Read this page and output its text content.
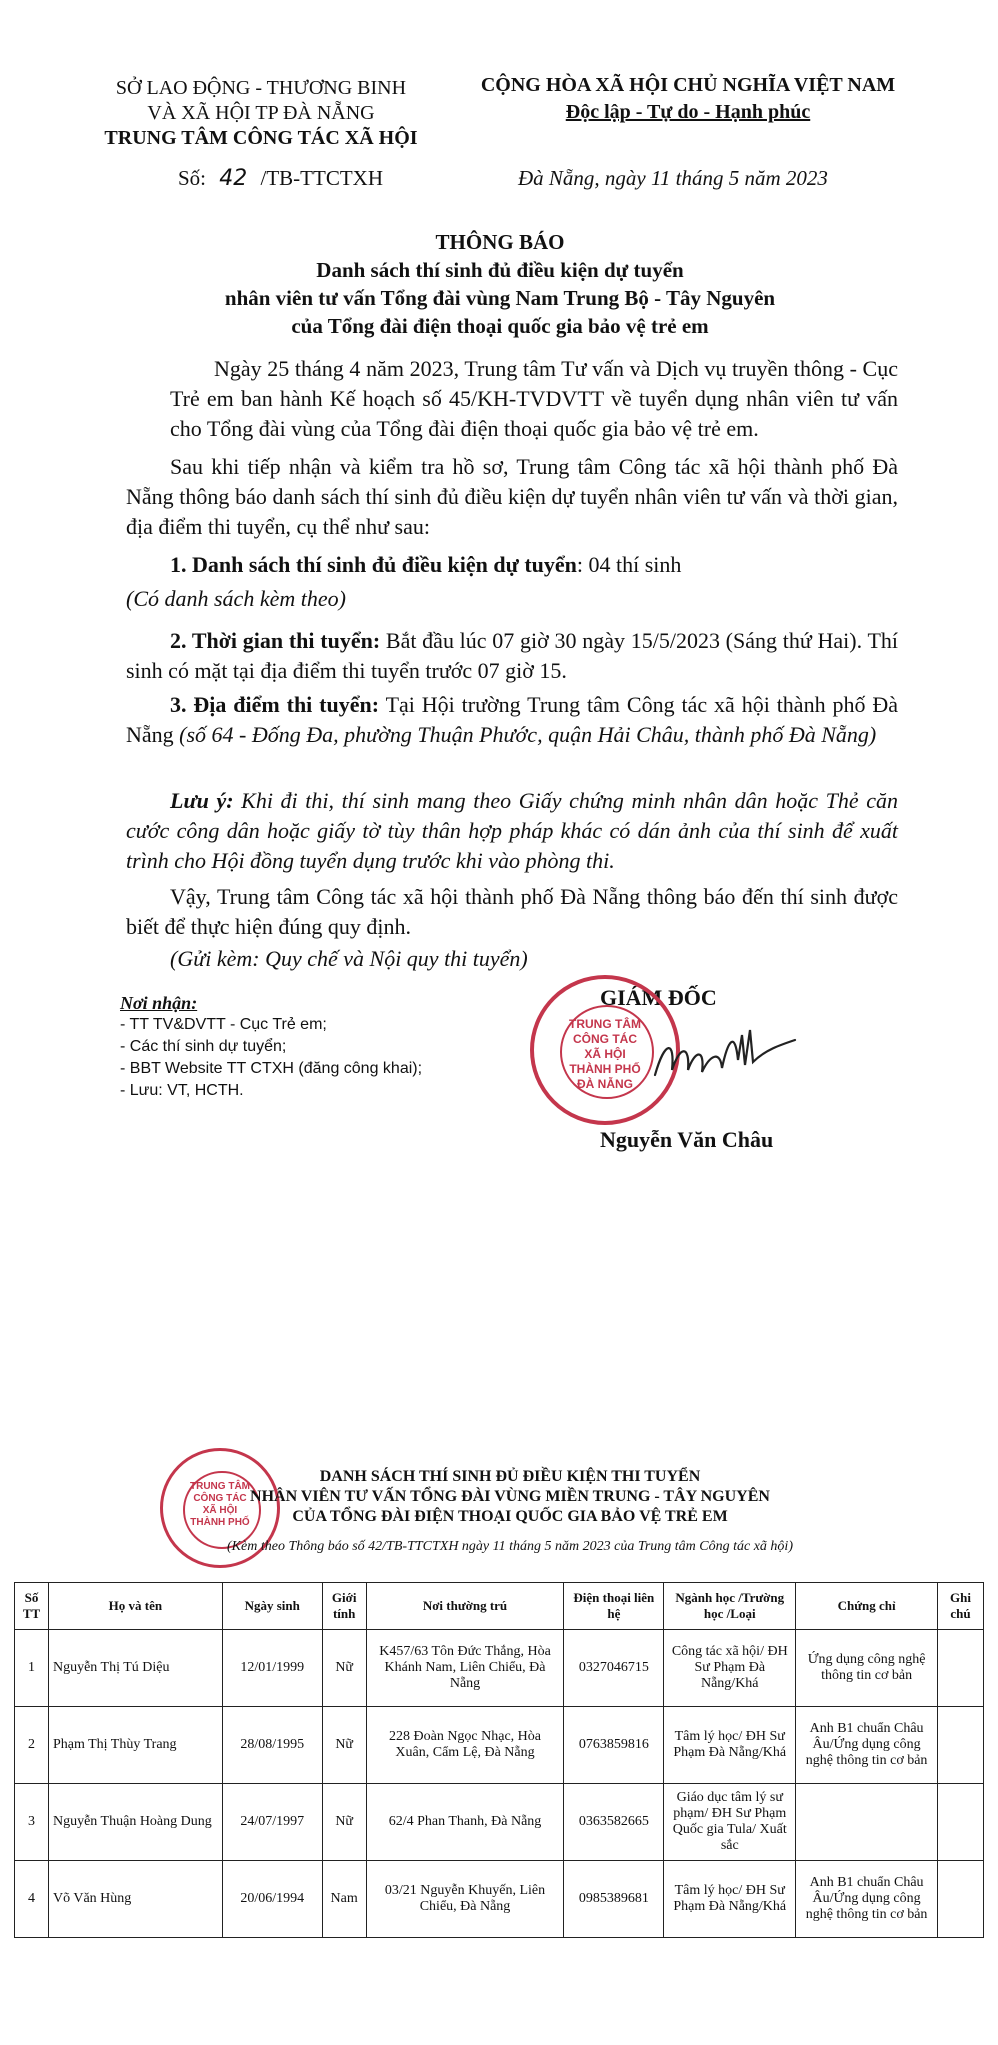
SỞ LAO ĐỘNG - THƯƠNG BINH
VÀ XÃ HỘI TP ĐÀ NẴNG
TRUNG TÂM CÔNG TÁC XÃ HỘI
CỘNG HÒA XÃ HỘI CHỦ NGHĨA VIỆT NAM
Độc lập - Tự do - Hạnh phúc
Số: 42 /TB-TTCTXH	Đà Nẵng, ngày 11 tháng 5 năm 2023
THÔNG BÁO
Danh sách thí sinh đủ điều kiện dự tuyển
nhân viên tư vấn Tổng đài vùng Nam Trung Bộ - Tây Nguyên
của Tổng đài điện thoại quốc gia bảo vệ trẻ em
Ngày 25 tháng 4 năm 2023, Trung tâm Tư vấn và Dịch vụ truyền thông - Cục Trẻ em ban hành Kế hoạch số 45/KH-TVDVTT về tuyển dụng nhân viên tư vấn cho Tổng đài vùng của Tổng đài điện thoại quốc gia bảo vệ trẻ em.
Sau khi tiếp nhận và kiểm tra hồ sơ, Trung tâm Công tác xã hội thành phố Đà Nẵng thông báo danh sách thí sinh đủ điều kiện dự tuyển nhân viên tư vấn và thời gian, địa điểm thi tuyển, cụ thể như sau:
1. Danh sách thí sinh đủ điều kiện dự tuyển: 04 thí sinh
(Có danh sách kèm theo)
2. Thời gian thi tuyển: Bắt đầu lúc 07 giờ 30 ngày 15/5/2023 (Sáng thứ Hai). Thí sinh có mặt tại địa điểm thi tuyển trước 07 giờ 15.
3. Địa điểm thi tuyển: Tại Hội trường Trung tâm Công tác xã hội thành phố Đà Nẵng (số 64 - Đống Đa, phường Thuận Phước, quận Hải Châu, thành phố Đà Nẵng)
Lưu ý: Khi đi thi, thí sinh mang theo Giấy chứng minh nhân dân hoặc Thẻ căn cước công dân hoặc giấy tờ tùy thân hợp pháp khác có dán ảnh của thí sinh để xuất trình cho Hội đồng tuyển dụng trước khi vào phòng thi.
Vậy, Trung tâm Công tác xã hội thành phố Đà Nẵng thông báo đến thí sinh được biết để thực hiện đúng quy định.
(Gửi kèm: Quy chế và Nội quy thi tuyển)
Nơi nhận:
- TT TV&DVTT - Cục Trẻ em;
- Các thí sinh dự tuyển;
- BBT Website TT CTXH (đăng công khai);
- Lưu: VT, HCTH.
GIÁM ĐỐC
TRUNG TÂM
CÔNG TÁC
XÃ HỘI
THÀNH PHỐ
ĐÀ NẴNG
Nguyễn Văn Châu
TRUNG TÂM
CÔNG TÁC
XÃ HỘI
THÀNH PHỐ
DANH SÁCH THÍ SINH ĐỦ ĐIỀU KIỆN THI TUYỂN
NHÂN VIÊN TƯ VẤN TỔNG ĐÀI VÙNG MIỀN TRUNG - TÂY NGUYÊN
CỦA TỔNG ĐÀI ĐIỆN THOẠI QUỐC GIA BẢO VỆ TRẺ EM
(Kèm theo Thông báo số 42/TB-TTCTXH ngày 11 tháng 5 năm 2023 của Trung tâm Công tác xã hội)
Số TT	Họ và tên	Ngày sinh	Giới tính	Nơi thường trú	Điện thoại liên hệ	Ngành học /Trường học /Loại	Chứng chỉ	Ghi chú
1	Nguyễn Thị Tú Diệu	12/01/1999	Nữ	K457/63 Tôn Đức Thắng, Hòa Khánh Nam, Liên Chiểu, Đà Nẵng	0327046715	Công tác xã hội/ ĐH Sư Phạm Đà Nẵng/Khá	Ứng dụng công nghệ thông tin cơ bản	
2	Phạm Thị Thùy Trang	28/08/1995	Nữ	228 Đoàn Ngọc Nhạc, Hòa Xuân, Cẩm Lệ, Đà Nẵng	0763859816	Tâm lý học/ ĐH Sư Phạm Đà Nẵng/Khá	Anh B1 chuẩn Châu Âu/Ứng dụng công nghệ thông tin cơ bản	
3	Nguyễn Thuận Hoàng Dung	24/07/1997	Nữ	62/4 Phan Thanh, Đà Nẵng	0363582665	Giáo dục tâm lý sư phạm/ ĐH Sư Phạm Quốc gia Tula/ Xuất sắc		
4	Võ Văn Hùng	20/06/1994	Nam	03/21 Nguyễn Khuyến, Liên Chiểu, Đà Nẵng	0985389681	Tâm lý học/ ĐH Sư Phạm Đà Nẵng/Khá	Anh B1 chuẩn Châu Âu/Ứng dụng công nghệ thông tin cơ bản	
